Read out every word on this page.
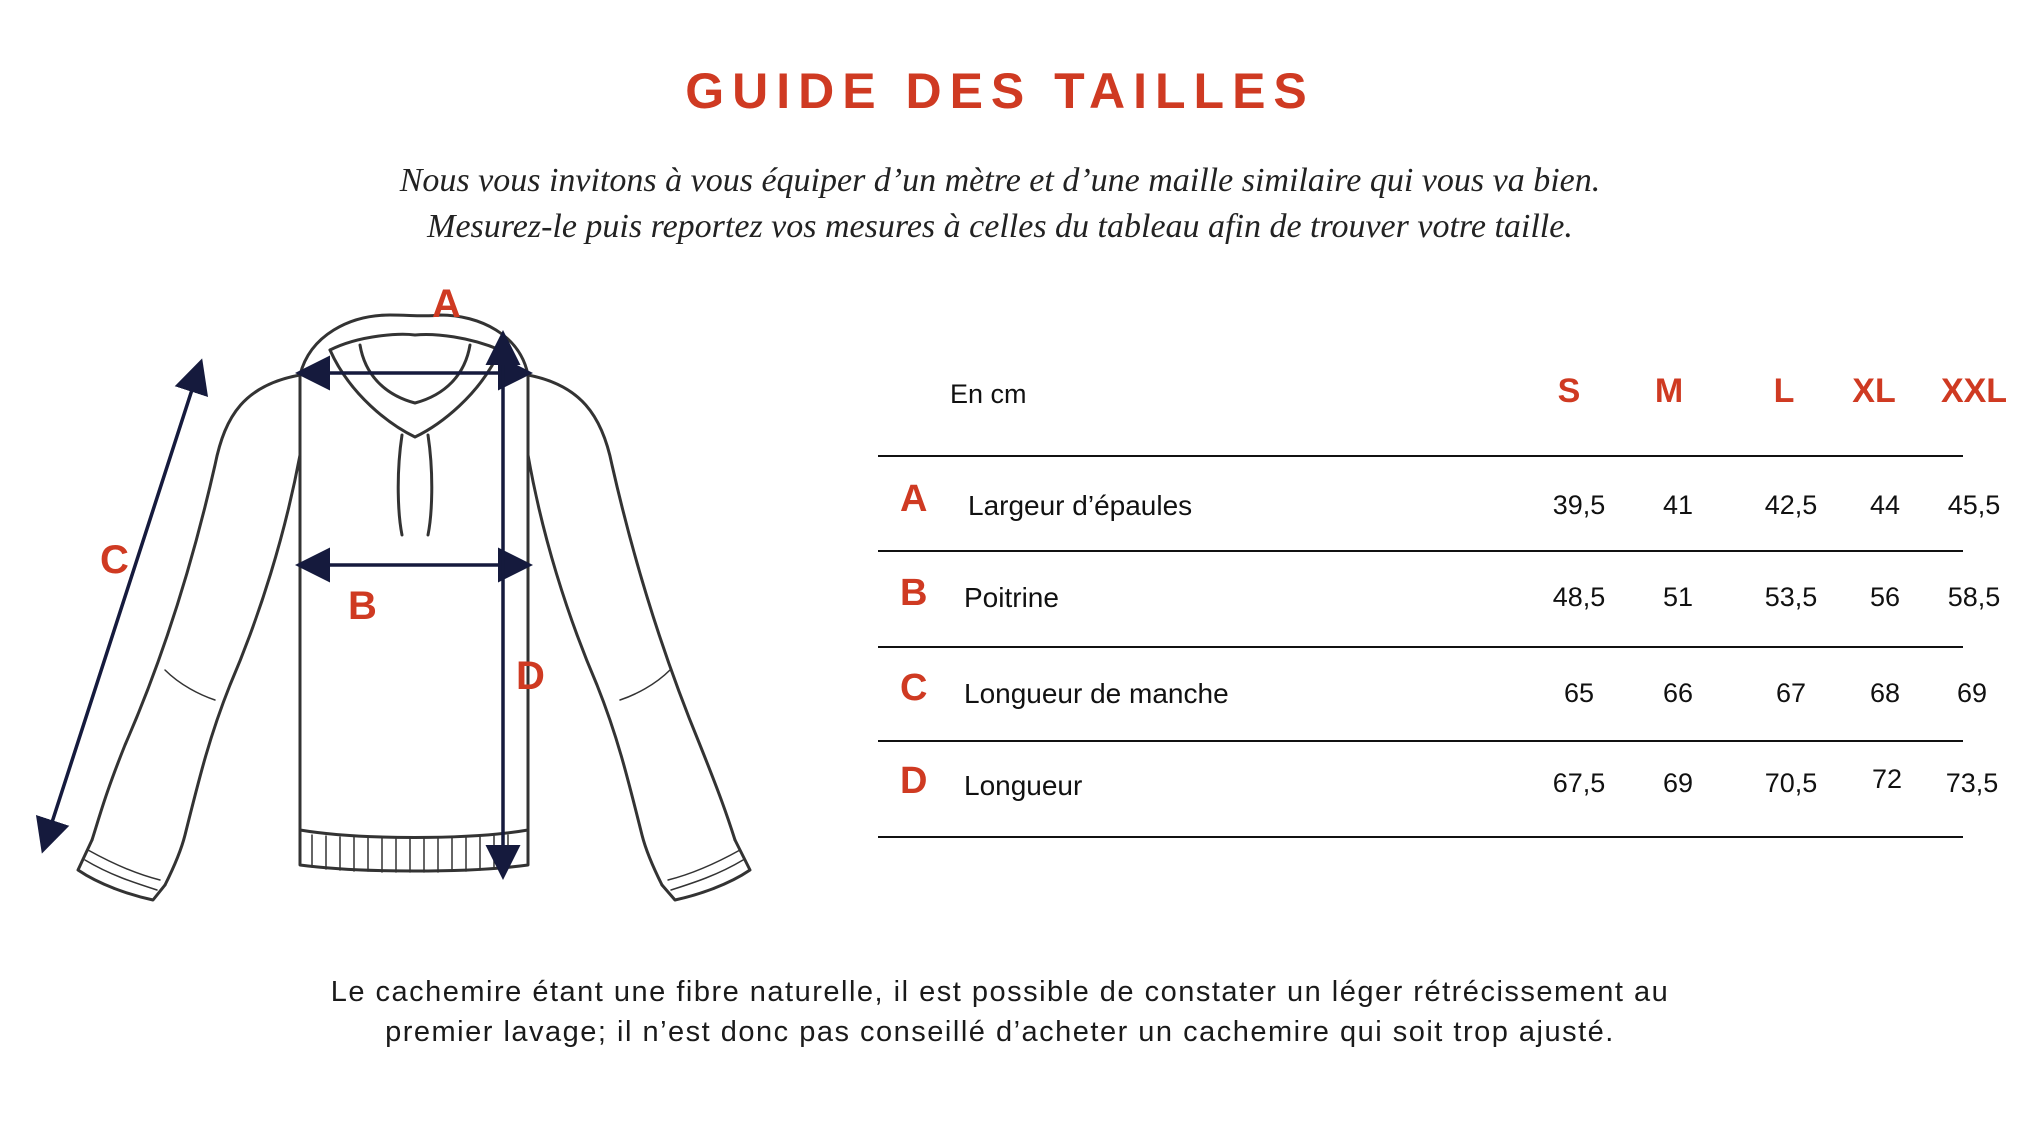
GUIDE DES TAILLES
Nous vous invitons à vous équiper d’un mètre et d’une maille similaire qui vous va bien.
Mesurez-le puis reportez vos mesures à celles du tableau afin de trouver votre taille.
A
B
C
D
En cm	S	M	L	XL	XXL
A Largeur d’épaules	39,5	41	42,5	44	45,5
B Poitrine	48,5	51	53,5	56	58,5
C Longueur de manche	65	66	67	68	69
D Longueur	67,5	69	70,5	72	73,5
Le cachemire étant une fibre naturelle, il est possible de constater un léger rétrécissement au
premier lavage; il n’est donc pas conseillé d’acheter un cachemire qui soit trop ajusté.
